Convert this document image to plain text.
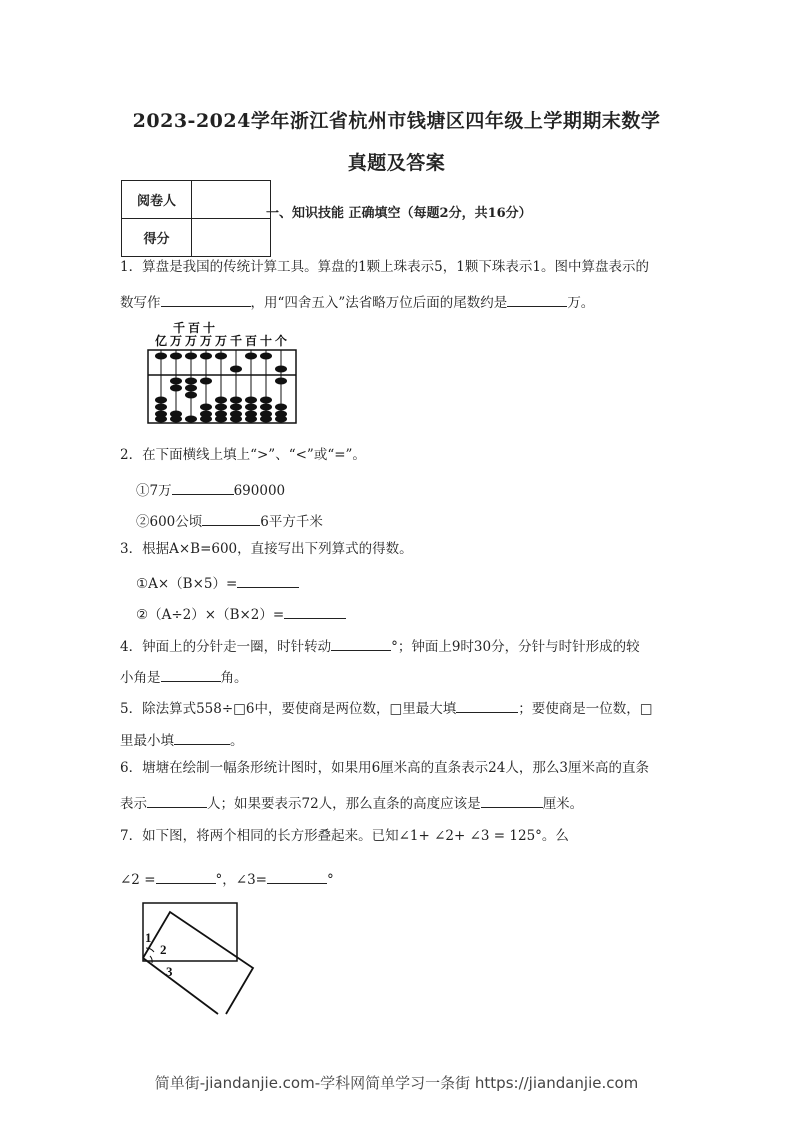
2023-2024学年浙江省杭州市钱塘区四年级上学期期末数学
真题及答案
阅卷人	
得分	
一、知识技能 正确填空（每题2分，共16分）
1．算盘是我国的传统计算工具。算盘的1颗上珠表示5，1颗下珠表示1。图中算盘表示的
数写作	，用“四舍五入”法省略万位后面的尾数约是	万。
千 百 十
亿 万 万 万 万 千 百 十 个
2．在下面横线上填上“>”、“<”或“=”。
①7万	690000
②600公顷	6平方千米
3．根据A×B=600，直接写出下列算式的得数。
①A×（B×5）=
②（A÷2）×（B×2）=
4．钟面上的分针走一圈，时针转动	°；钟面上9时30分，分针与时针形成的较
小角是	角。
5．除法算式558÷□6中，要使商是两位数，□里最大填	；要使商是一位数，□
里最小填	。
6．塘塘在绘制一幅条形统计图时，如果用6厘米高的直条表示24人，那么3厘米高的直条
表示	人；如果要表示72人，那么直条的高度应该是	厘米。
7．如下图，将两个相同的长方形叠起来。已知∠1+ ∠2+ ∠3 = 125°。么
∠2 =	°，∠3=	°
1
2
3
简单街-jiandanjie.com-学科网简单学习一条街 https://jiandanjie.com
